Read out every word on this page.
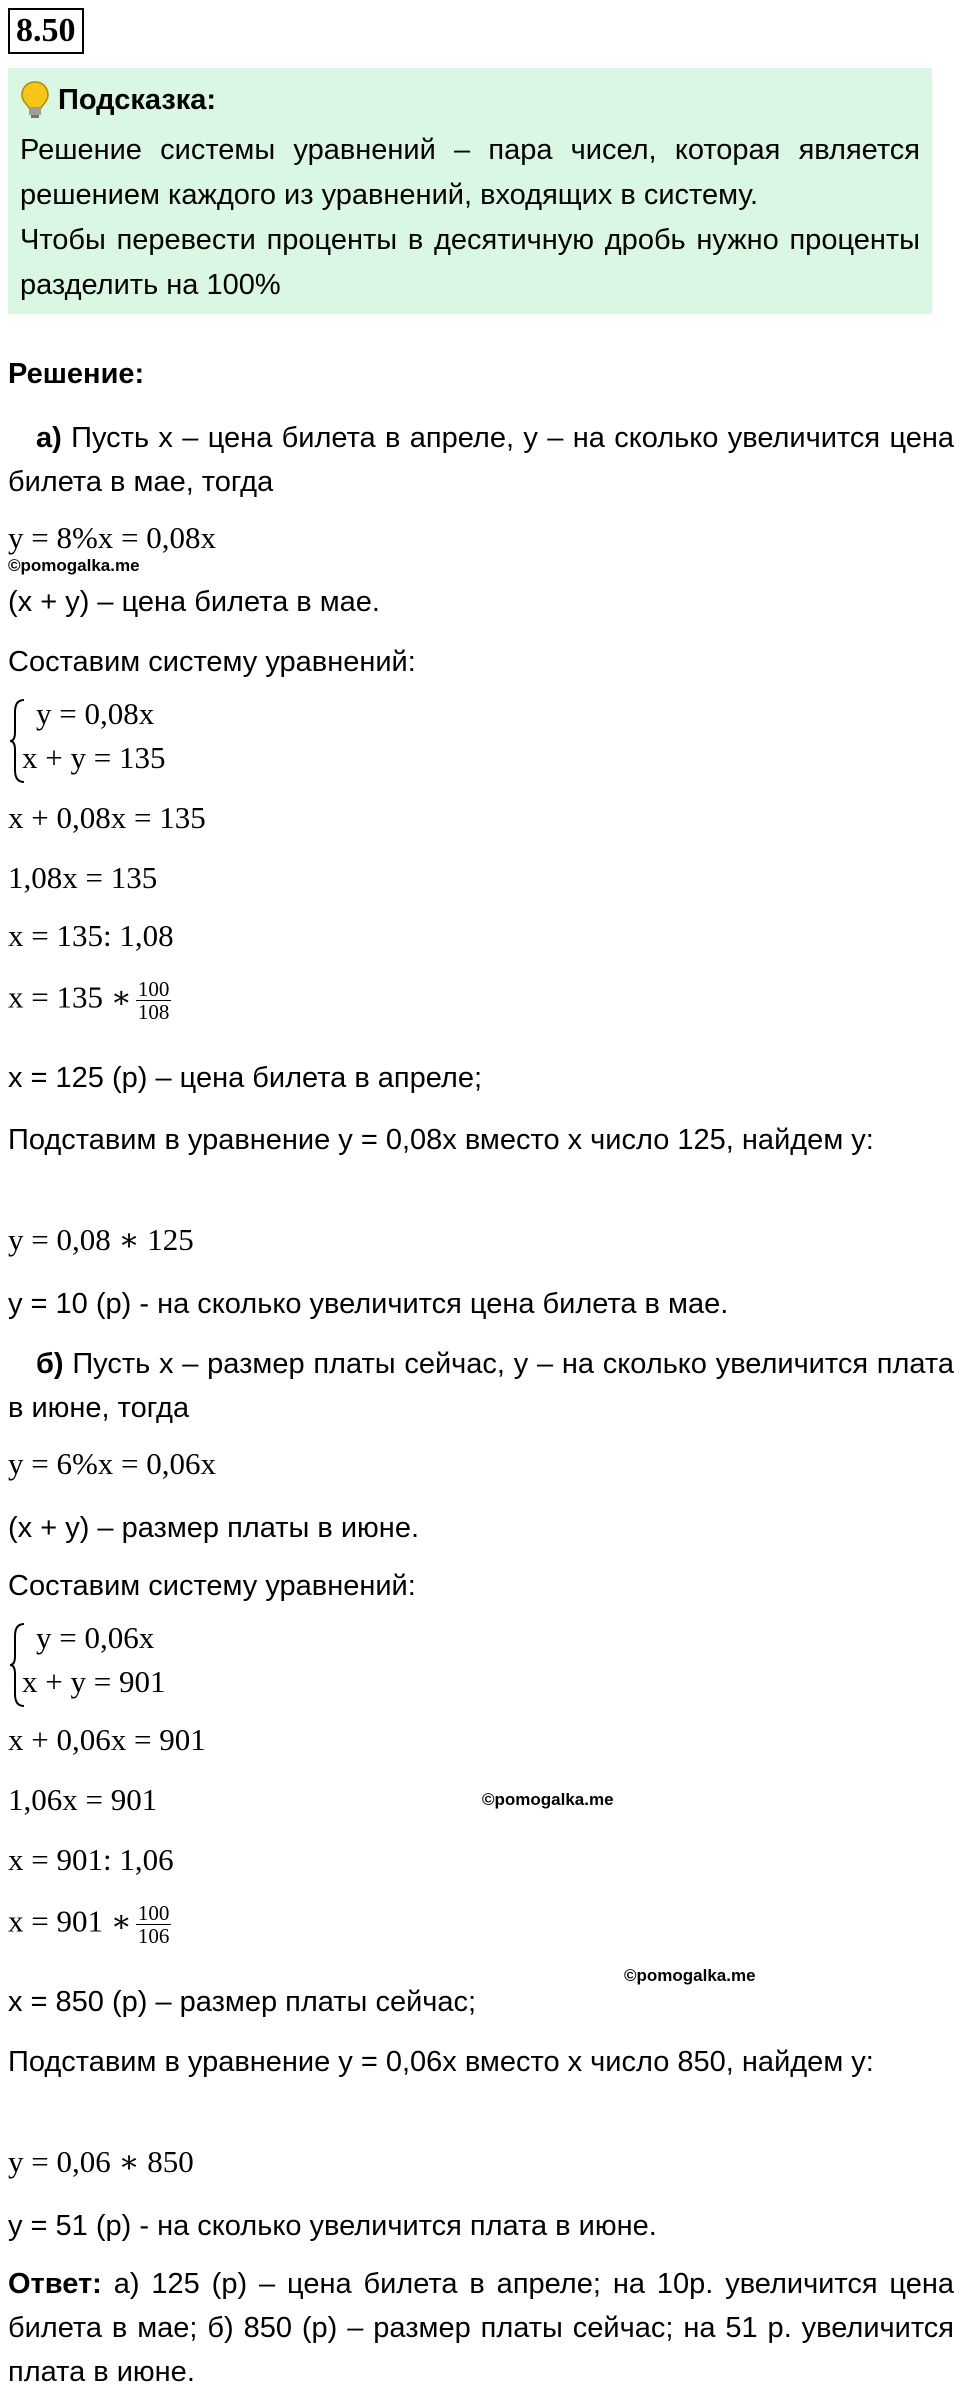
8.50
Подсказка:
Решение системы уравнений – пара чисел, которая является решением каждого из уравнений, входящих в систему.
Чтобы перевести проценты в десятичную дробь нужно проценты разделить на 100%
Решение:
а) Пусть x – цена билета в апреле, y – на сколько увеличится цена билета в мае, тогда
y = 8%x = 0,08x
©pomogalka.me
(x + y) – цена билета в мае.
Составим систему уравнений:
y = 0,08x
x + y = 135
x + 0,08x = 135
1,08x = 135
x = 135: 1,08
x = 135 ∗ $\frac{100}{108}$
x = 125 (р) – цена билета в апреле;
Подставим в уравнение y = 0,08x вместо x число 125, найдем y:
y = 0,08 ∗ 125
y = 10 (р) - на сколько увеличится цена билета в мае.
б) Пусть x – размер платы сейчас, y – на сколько увеличится плата в июне, тогда
y = 6%x = 0,06x
(x + y) – размер платы в июне.
Составим систему уравнений:
y = 0,06x
x + y = 901
x + 0,06x = 901
1,06x = 901	©pomogalka.me
x = 901: 1,06
x = 901 ∗ $\frac{100}{106}$
©pomogalka.me
x = 850 (р) – размер платы сейчас;
Подставим в уравнение y = 0,06x вместо x число 850, найдем y:
y = 0,06 ∗ 850
y = 51 (р) - на сколько увеличится плата в июне.
Ответ: а) 125 (р) – цена билета в апреле; на 10р. увеличится цена билета в мае; б) 850 (р) – размер платы сейчас; на 51 р. увеличится плата в июне.
